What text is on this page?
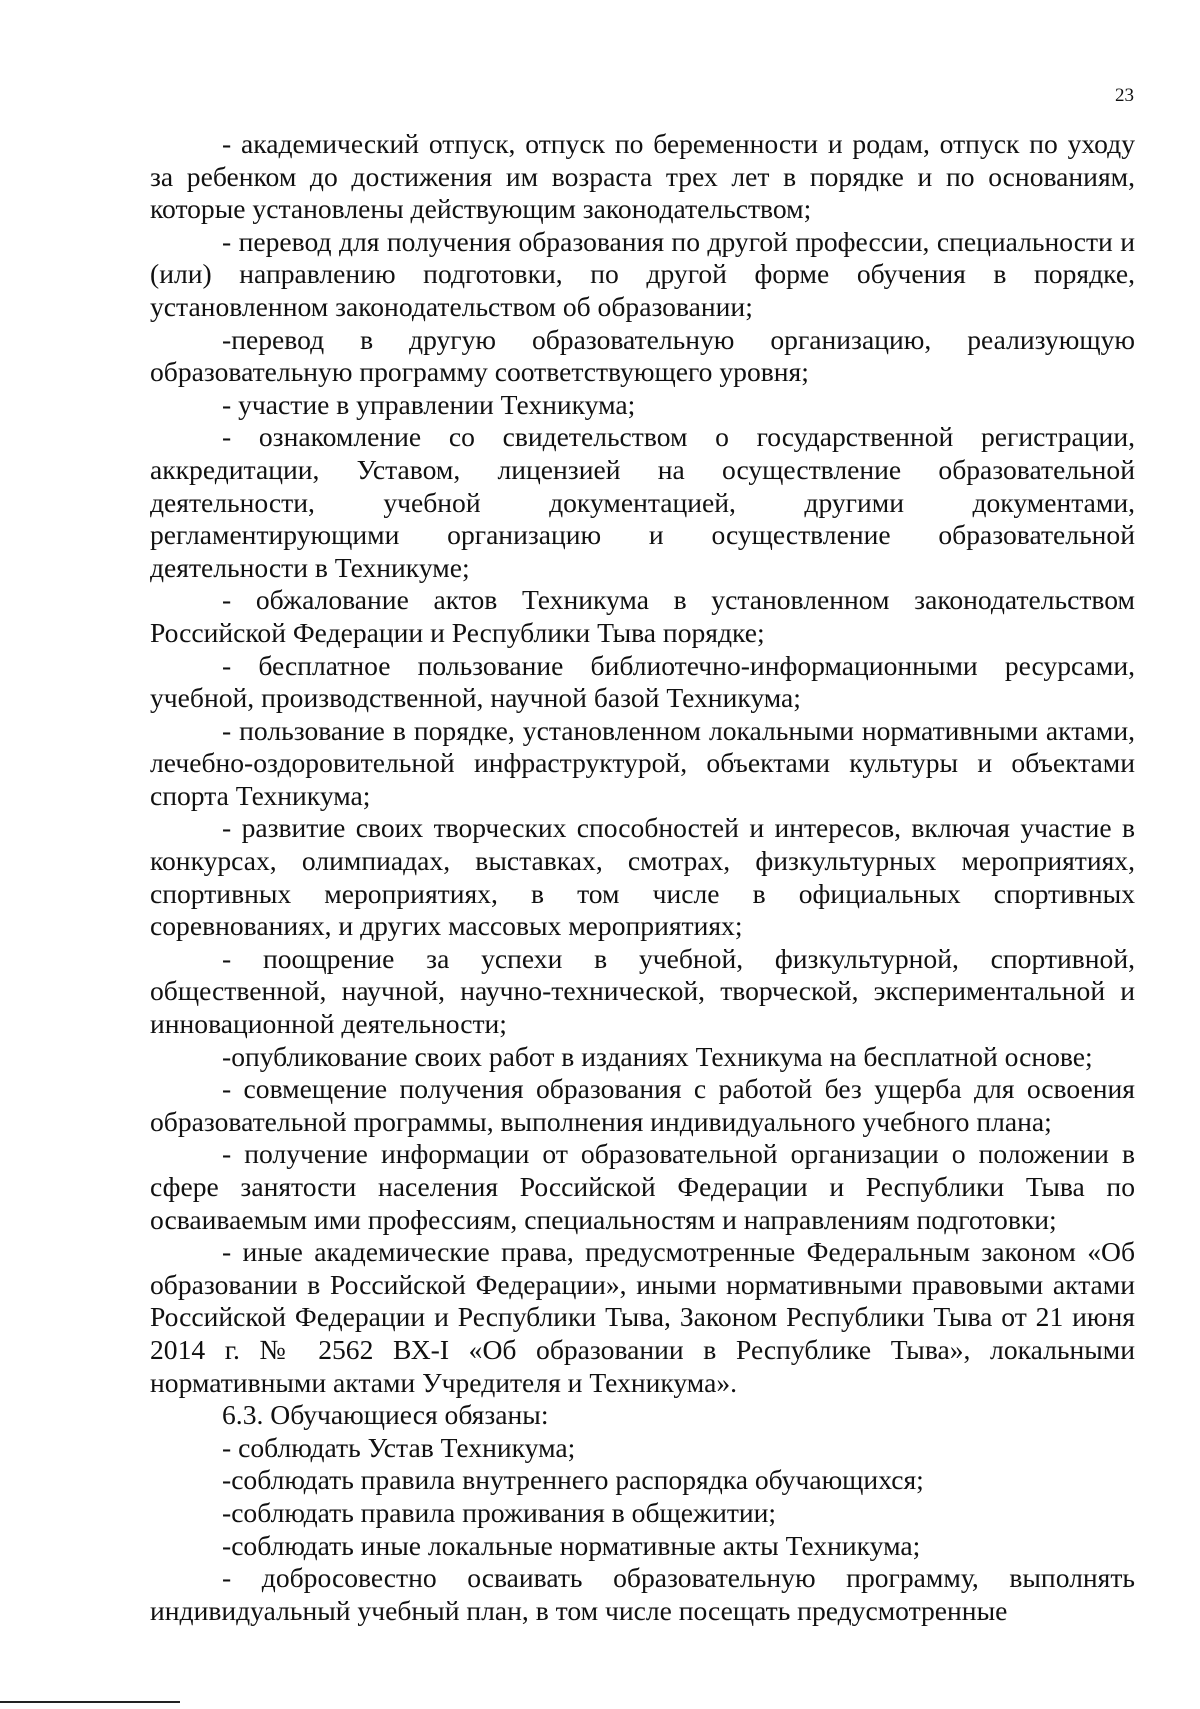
23

- академический отпуск, отпуск по беременности и родам, отпуск по уходу за ребенком до достижения им возраста трех лет в порядке и по основаниям, которые установлены действующим законодательством;

- перевод для получения образования по другой профессии, специальности и (или) направлению подготовки, по другой форме обучения в порядке, установленном законодательством об образовании;

-перевод в другую образовательную организацию, реализующую образовательную программу соответствующего уровня;

- участие в управлении Техникума;

- ознакомление со свидетельством о государственной регистрации, аккредитации, Уставом, лицензией на осуществление образовательной деятельности, учебной документацией, другими документами, регламентирующими организацию и осуществление образовательной деятельности в Техникуме;

- обжалование актов Техникума в установленном законодательством Российской Федерации и Республики Тыва порядке;

- бесплатное пользование библиотечно-информационными ресурсами, учебной, производственной, научной базой Техникума;

- пользование в порядке, установленном локальными нормативными актами, лечебно-оздоровительной инфраструктурой, объектами культуры и объектами спорта Техникума;

- развитие своих творческих способностей и интересов, включая участие в конкурсах, олимпиадах, выставках, смотрах, физкультурных мероприятиях, спортивных мероприятиях, в том числе в официальных спортивных соревнованиях, и других массовых мероприятиях;

- поощрение за успехи в учебной, физкультурной, спортивной, общественной, научной, научно-технической, творческой, экспериментальной и инновационной деятельности;

-опубликование своих работ в изданиях Техникума на бесплатной основе;

- совмещение получения образования с работой без ущерба для освоения образовательной программы, выполнения индивидуального учебного плана;

- получение информации от образовательной организации о положении в сфере занятости населения Российской Федерации и Республики Тыва по осваиваемым ими профессиям, специальностям и направлениям подготовки;

- иные академические права, предусмотренные Федеральным законом «Об образовании в Российской Федерации», иными нормативными правовыми актами Российской Федерации и Республики Тыва, Законом Республики Тыва от 21 июня 2014 г. № 2562 ВХ-I «Об образовании в Республике Тыва», локальными нормативными актами Учредителя и Техникума».

6.3. Обучающиеся обязаны:

- соблюдать Устав Техникума;

-соблюдать правила внутреннего распорядка обучающихся;

-соблюдать правила проживания в общежитии;

-соблюдать иные локальные нормативные акты Техникума;

- добросовестно осваивать образовательную программу, выполнять индивидуальный учебный план, в том числе посещать предусмотренные
